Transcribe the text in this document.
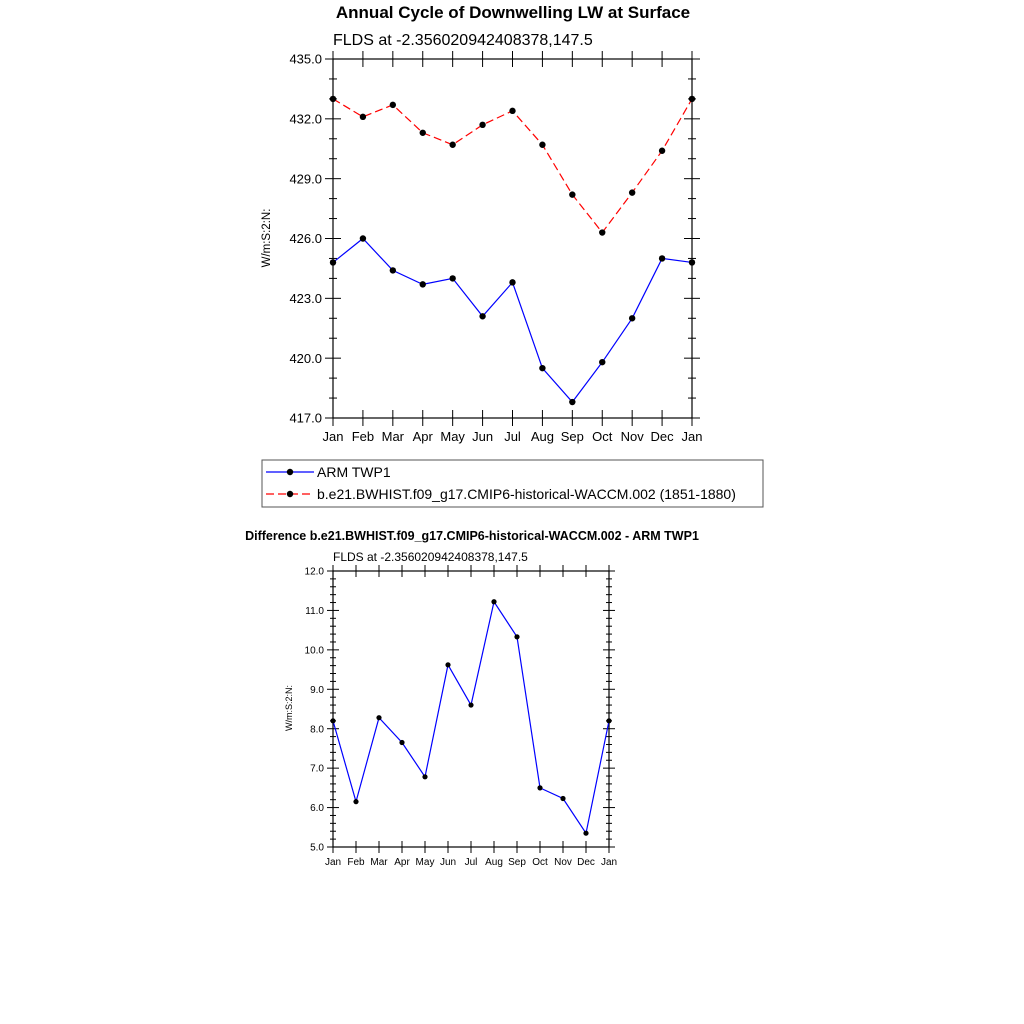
Annual Cycle of Downwelling LW at Surface
FLDS at -2.356020942408378,147.5
417.0
420.0
423.0
426.0
429.0
432.0
435.0
Jan Feb Mar Apr May Jun Jul Aug Sep Oct Nov Dec Jan
W/m:S:2:N:
ARM TWP1
b.e21.BWHIST.f09_g17.CMIP6-historical-WACCM.002 (1851-1880)
Difference b.e21.BWHIST.f09_g17.CMIP6-historical-WACCM.002 - ARM TWP1
FLDS at -2.356020942408378,147.5
5.0
6.0
7.0
8.0
9.0
10.0
11.0
12.0
Jan Feb Mar Apr May Jun Jul Aug Sep Oct Nov Dec Jan
W/m:S:2:N:
